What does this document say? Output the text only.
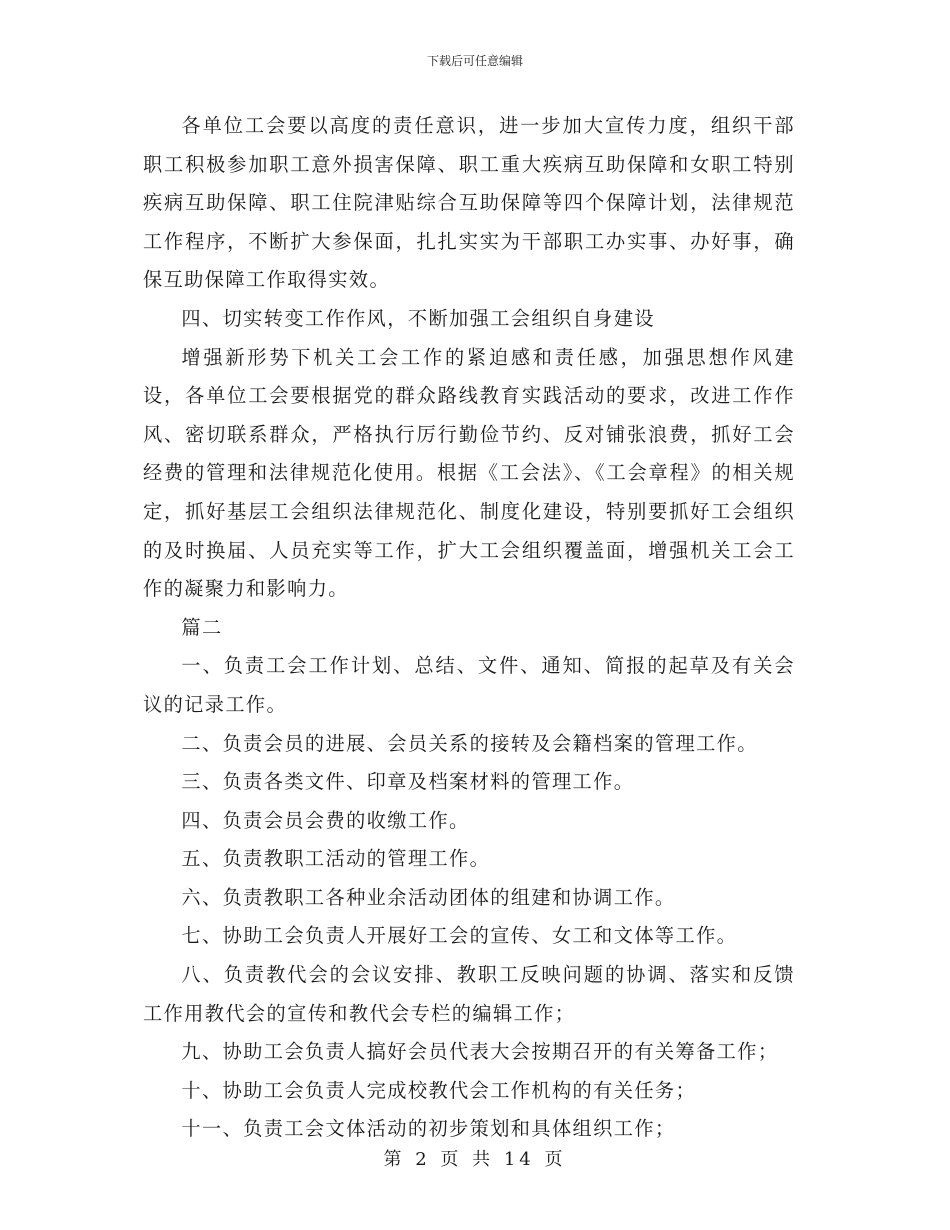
下载后可任意编辑

各单位工会要以高度的责任意识，进一步加大宣传力度，组织干部职工积极参加职工意外损害保障、职工重大疾病互助保障和女职工特别疾病互助保障、职工住院津贴综合互助保障等四个保障计划，法律规范工作程序，不断扩大参保面，扎扎实实为干部职工办实事、办好事，确保互助保障工作取得实效。

四、切实转变工作作风，不断加强工会组织自身建设

增强新形势下机关工会工作的紧迫感和责任感，加强思想作风建设，各单位工会要根据党的群众路线教育实践活动的要求，改进工作作风、密切联系群众，严格执行厉行勤俭节约、反对铺张浪费，抓好工会经费的管理和法律规范化使用。根据《工会法》、《工会章程》的相关规定，抓好基层工会组织法律规范化、制度化建设，特别要抓好工会组织的及时换届、人员充实等工作，扩大工会组织覆盖面，增强机关工会工作的凝聚力和影响力。

篇二

一、负责工会工作计划、总结、文件、通知、简报的起草及有关会议的记录工作。

二、负责会员的进展、会员关系的接转及会籍档案的管理工作。

三、负责各类文件、印章及档案材料的管理工作。

四、负责会员会费的收缴工作。

五、负责教职工活动的管理工作。

六、负责教职工各种业余活动团体的组建和协调工作。

七、协助工会负责人开展好工会的宣传、女工和文体等工作。

八、负责教代会的会议安排、教职工反映问题的协调、落实和反馈工作用教代会的宣传和教代会专栏的编辑工作；

九、协助工会负责人搞好会员代表大会按期召开的有关筹备工作；

十、协助工会负责人完成校教代会工作机构的有关任务；

十一、负责工会文体活动的初步策划和具体组织工作；

第 2 页 共 14 页
